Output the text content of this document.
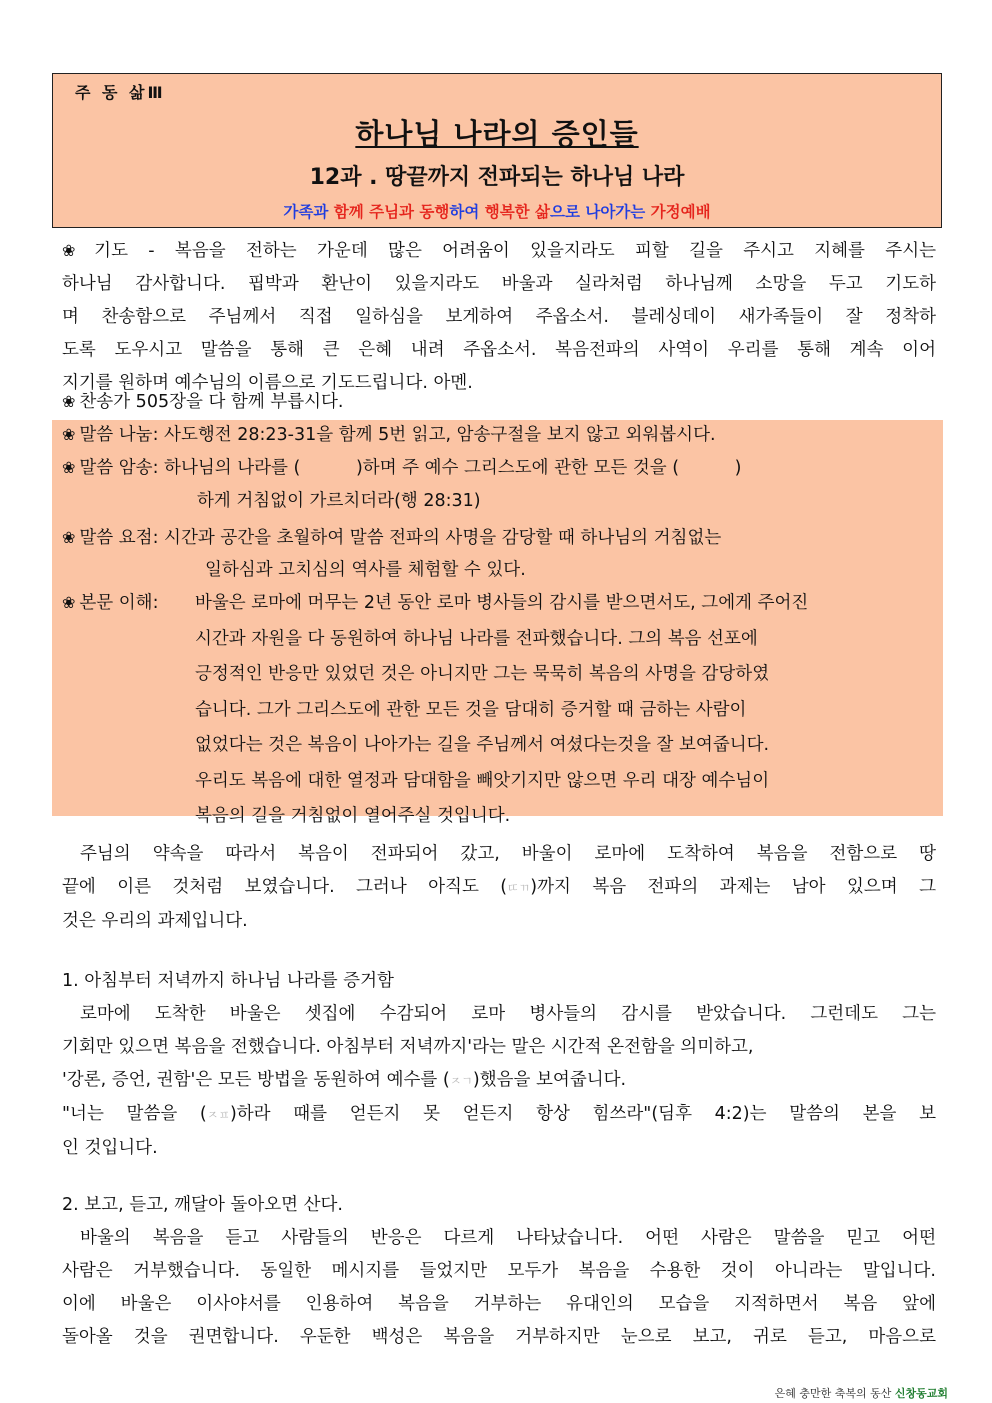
주 동 삶Ⅲ
하나님 나라의 증인들
12과 . 땅끝까지 전파되는 하나님 나라
가족과 함께 주님과 동행하여 행복한 삶으로 나아가는 가정예배
❀ 기도 - 복음을 전하는 가운데 많은 어려움이 있을지라도 피할 길을 주시고 지혜를 주시는
하나님 감사합니다. 핍박과 환난이 있을지라도 바울과 실라처럼 하나님께 소망을 두고 기도하
며 찬송함으로 주님께서 직접 일하심을 보게하여 주옵소서. 블레싱데이 새가족들이 잘 정착하
도록 도우시고 말씀을 통해 큰 은혜 내려 주옵소서. 복음전파의 사역이 우리를 통해 계속 이어
지기를 원하며 예수님의 이름으로 기도드립니다. 아멘.
❀ 찬송가 505장을 다 함께 부릅시다.
❀ 말씀 나눔: 사도행전 28:23-31을 함께 5번 읽고, 암송구절을 보지 않고 외워봅시다.
❀ 말씀 암송: 하나님의 나라를 (          )하며 주 예수 그리스도에 관한 모든 것을 (          )
하게 거침없이 가르치더라(행 28:31)
❀ 말씀 요점: 시간과 공간을 초월하여 말씀 전파의 사명을 감당할 때 하나님의 거침없는
일하심과 고치심의 역사를 체험할 수 있다.
❀ 본문 이해: 바울은 로마에 머무는 2년 동안 로마 병사들의 감시를 받으면서도, 그에게 주어진
시간과 자원을 다 동원하여 하나님 나라를 전파했습니다. 그의 복음 선포에
긍정적인 반응만 있었던 것은 아니지만 그는 묵묵히 복음의 사명을 감당하였
습니다. 그가 그리스도에 관한 모든 것을 담대히 증거할 때 금하는 사람이
없었다는 것은 복음이 나아가는 길을 주님께서 여셨다는것을 잘 보여줍니다.
우리도 복음에 대한 열정과 담대함을 빼앗기지만 않으면 우리 대장 예수님이
복음의 길을 거침없이 열어주실 것입니다.
주님의 약속을 따라서 복음이 전파되어 갔고, 바울이 로마에 도착하여 복음을 전함으로 땅
끝에 이른 것처럼 보였습니다. 그러나 아직도 (ㄸㄲ)까지 복음 전파의 과제는 남아 있으며 그
것은 우리의 과제입니다.
1. 아침부터 저녁까지 하나님 나라를 증거함
로마에 도착한 바울은 셋집에 수감되어 로마 병사들의 감시를 받았습니다. 그런데도 그는
기회만 있으면 복음을 전했습니다. 아침부터 저녁까지'라는 말은 시간적 온전함을 의미하고,
'강론, 증언, 권함'은 모든 방법을 동원하여 예수를 (ㅈㄱ)했음을 보여줍니다.
"너는 말씀을 (ㅈㅍ)하라 때를 얻든지 못 얻든지 항상 힘쓰라"(딤후 4:2)는 말씀의 본을 보
인 것입니다.
2. 보고, 듣고, 깨달아 돌아오면 산다.
바울의 복음을 듣고 사람들의 반응은 다르게 나타났습니다. 어떤 사람은 말씀을 믿고 어떤
사람은 거부했습니다. 동일한 메시지를 들었지만 모두가 복음을 수용한 것이 아니라는 말입니다.
이에 바울은 이사야서를 인용하여 복음을 거부하는 유대인의 모습을 지적하면서 복음 앞에
돌아올 것을 권면합니다. 우둔한 백성은 복음을 거부하지만 눈으로 보고, 귀로 듣고, 마음으로
은혜 충만한 축복의 동산 신창동교회
